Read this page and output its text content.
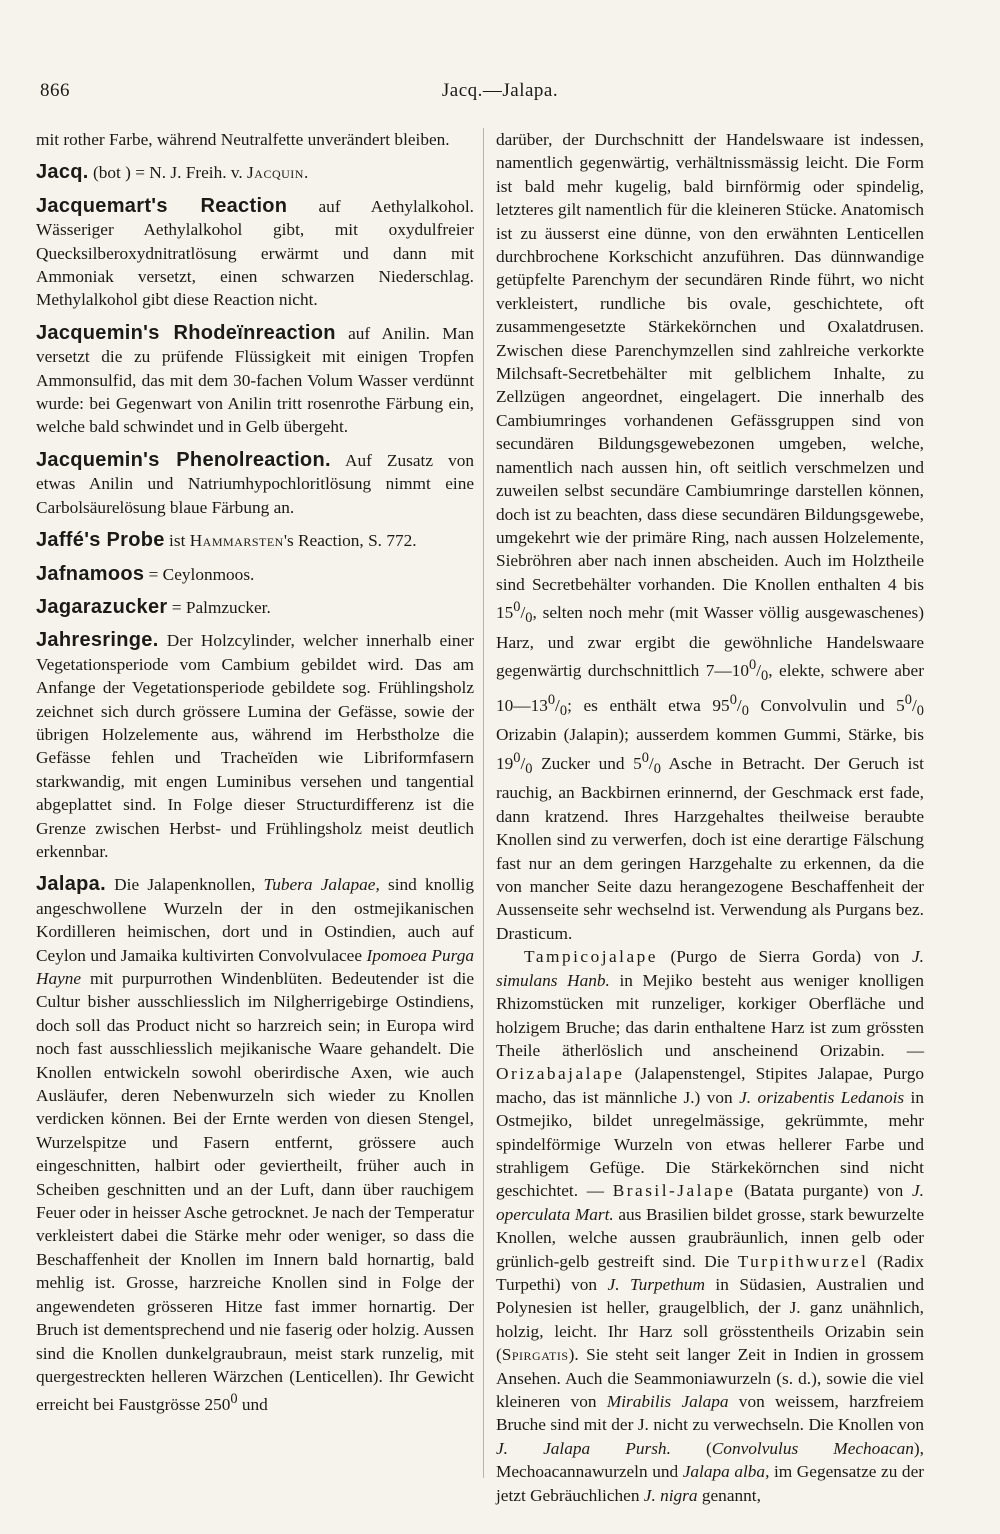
866	Jacq.—Jalapa.

mit rother Farbe, während Neutralfette unverändert bleiben.

Jacq. (bot ) = N. J. Freih. v. Jacquin.

Jacquemart's Reaction auf Aethylalkohol. Wässeriger Aethylalkohol gibt, mit oxydulfreier Quecksilberoxydnitratlösung erwärmt und dann mit Ammoniak versetzt, einen schwarzen Niederschlag. Methylalkohol gibt diese Reaction nicht.

Jacquemin's Rhodeïnreaction auf Anilin. Man versetzt die zu prüfende Flüssigkeit mit einigen Tropfen Ammonsulfid, das mit dem 30-fachen Volum Wasser verdünnt wurde: bei Gegenwart von Anilin tritt rosenrothe Färbung ein, welche bald schwindet und in Gelb übergeht.

Jacquemin's Phenolreaction. Auf Zusatz von etwas Anilin und Natriumhypochloritlösung nimmt eine Carbolsäurelösung blaue Färbung an.

Jaffé's Probe ist Hammarsten's Reaction, S. 772.

Jafnamoos = Ceylonmoos.

Jagarazucker = Palmzucker.

Jahresringe. Der Holzcylinder, welcher innerhalb einer Vegetationsperiode vom Cambium gebildet wird. Das am Anfange der Vegetationsperiode gebildete sog. Frühlingsholz zeichnet sich durch grössere Lumina der Gefässe, sowie der übrigen Holzelemente aus, während im Herbstholze die Gefässe fehlen und Tracheïden wie Libriformfasern starkwandig, mit engen Luminibus versehen und tangential abgeplattet sind. In Folge dieser Structurdifferenz ist die Grenze zwischen Herbst- und Frühlingsholz meist deutlich erkennbar.

Jalapa. Die Jalapenknollen, Tubera Jalapae, sind knollig angeschwollene Wurzeln der in den ostmejikanischen Kordilleren heimischen, dort und in Ostindien, auch auf Ceylon und Jamaika kultivirten Convolvulacee Ipomoea Purga Hayne mit purpurrothen Windenblüten. Bedeutender ist die Cultur bisher ausschliesslich im Nilgherrigebirge Ostindiens, doch soll das Product nicht so harzreich sein; in Europa wird noch fast ausschliesslich mejikanische Waare gehandelt. Die Knollen entwickeln sowohl oberirdische Axen, wie auch Ausläufer, deren Nebenwurzeln sich wieder zu Knollen verdicken können. Bei der Ernte werden von diesen Stengel, Wurzelspitze und Fasern entfernt, grössere auch eingeschnitten, halbirt oder geviertheilt, früher auch in Scheiben geschnitten und an der Luft, dann über rauchigem Feuer oder in heisser Asche getrocknet. Je nach der Temperatur verkleistert dabei die Stärke mehr oder weniger, so dass die Beschaffenheit der Knollen im Innern bald hornartig, bald mehlig ist. Grosse, harzreiche Knollen sind in Folge der angewendeten grösseren Hitze fast immer hornartig. Der Bruch ist dementsprechend und nie faserig oder holzig. Aussen sind die Knollen dunkelgraubraun, meist stark runzelig, mit quergestreckten helleren Wärzchen (Lenticellen). Ihr Gewicht erreicht bei Faustgrösse $250^0$ und

darüber, der Durchschnitt der Handelswaare ist indessen, namentlich gegenwärtig, verhältnissmässig leicht. Die Form ist bald mehr kugelig, bald birnförmig oder spindelig, letzteres gilt namentlich für die kleineren Stücke. Anatomisch ist zu äusserst eine dünne, von den erwähnten Lenticellen durchbrochene Korkschicht anzuführen. Das dünnwandige getüpfelte Parenchym der secundären Rinde führt, wo nicht verkleistert, rundliche bis ovale, geschichtete, oft zusammengesetzte Stärkekörnchen und Oxalatdrusen. Zwischen diese Parenchymzellen sind zahlreiche verkorkte Milchsaft-Secretbehälter mit gelblichem Inhalte, zu Zellzügen angeordnet, eingelagert. Die innerhalb des Cambiumringes vorhandenen Gefässgruppen sind von secundären Bildungsgewebezonen umgeben, welche, namentlich nach aussen hin, oft seitlich verschmelzen und zuweilen selbst secundäre Cambiumringe darstellen können, doch ist zu beachten, dass diese secundären Bildungsgewebe, umgekehrt wie der primäre Ring, nach aussen Holzelemente, Siebröhren aber nach innen abscheiden. Auch im Holztheile sind Secretbehälter vorhanden. Die Knollen enthalten 4 bis $15^0/_0$, selten noch mehr (mit Wasser völlig ausgewaschenes) Harz, und zwar ergibt die gewöhnliche Handelswaare gegenwärtig durchschnittlich $7—10^0/_0$, elekte, schwere aber $10—13^0/_0$; es enthält etwa $95^0/_0$ Convolvulin und $5^0/_0$ Orizabin (Jalapin); ausserdem kommen Gummi, Stärke, bis $19^0/_0$ Zucker und $5^0/_0$ Asche in Betracht. Der Geruch ist rauchig, an Backbirnen erinnernd, der Geschmack erst fade, dann kratzend. Ihres Harzgehaltes theilweise beraubte Knollen sind zu verwerfen, doch ist eine derartige Fälschung fast nur an dem geringen Harzgehalte zu erkennen, da die von mancher Seite dazu herangezogene Beschaffenheit der Aussenseite sehr wechselnd ist. Verwendung als Purgans bez. Drasticum.

Tampicojalape (Purgo de Sierra Gorda) von J. simulans Hanb. in Mejiko besteht aus weniger knolligen Rhizomstücken mit runzeliger, korkiger Oberfläche und holzigem Bruche; das darin enthaltene Harz ist zum grössten Theile ätherlöslich und anscheinend Orizabin. — Orizabajalape (Jalapenstengel, Stipites Jalapae, Purgo macho, das ist männliche J.) von J. orizabentis Ledanois in Ostmejiko, bildet unregelmässige, gekrümmte, mehr spindelförmige Wurzeln von etwas hellerer Farbe und strahligem Gefüge. Die Stärkekörnchen sind nicht geschichtet. — Brasil-Jalape (Batata purgante) von J. operculata Mart. aus Brasilien bildet grosse, stark bewurzelte Knollen, welche aussen graubräunlich, innen gelb oder grünlich-gelb gestreift sind. Die Turpithwurzel (Radix Turpethi) von J. Turpethum in Südasien, Australien und Polynesien ist heller, graugelblich, der J. ganz unähnlich, holzig, leicht. Ihr Harz soll grösstentheils Orizabin sein (Spirgatis). Sie steht seit langer Zeit in Indien in grossem Ansehen. Auch die Seammoniawurzeln (s. d.), sowie die viel kleineren von Mirabilis Jalapa von weissem, harzfreiem Bruche sind mit der J. nicht zu verwechseln. Die Knollen von J. Jalapa Pursh. (Convolvulus Mechoacan), Mechoacannawurzeln und Jalapa alba, im Gegensatze zu der jetzt Gebräuchlichen J. nigra genannt,
